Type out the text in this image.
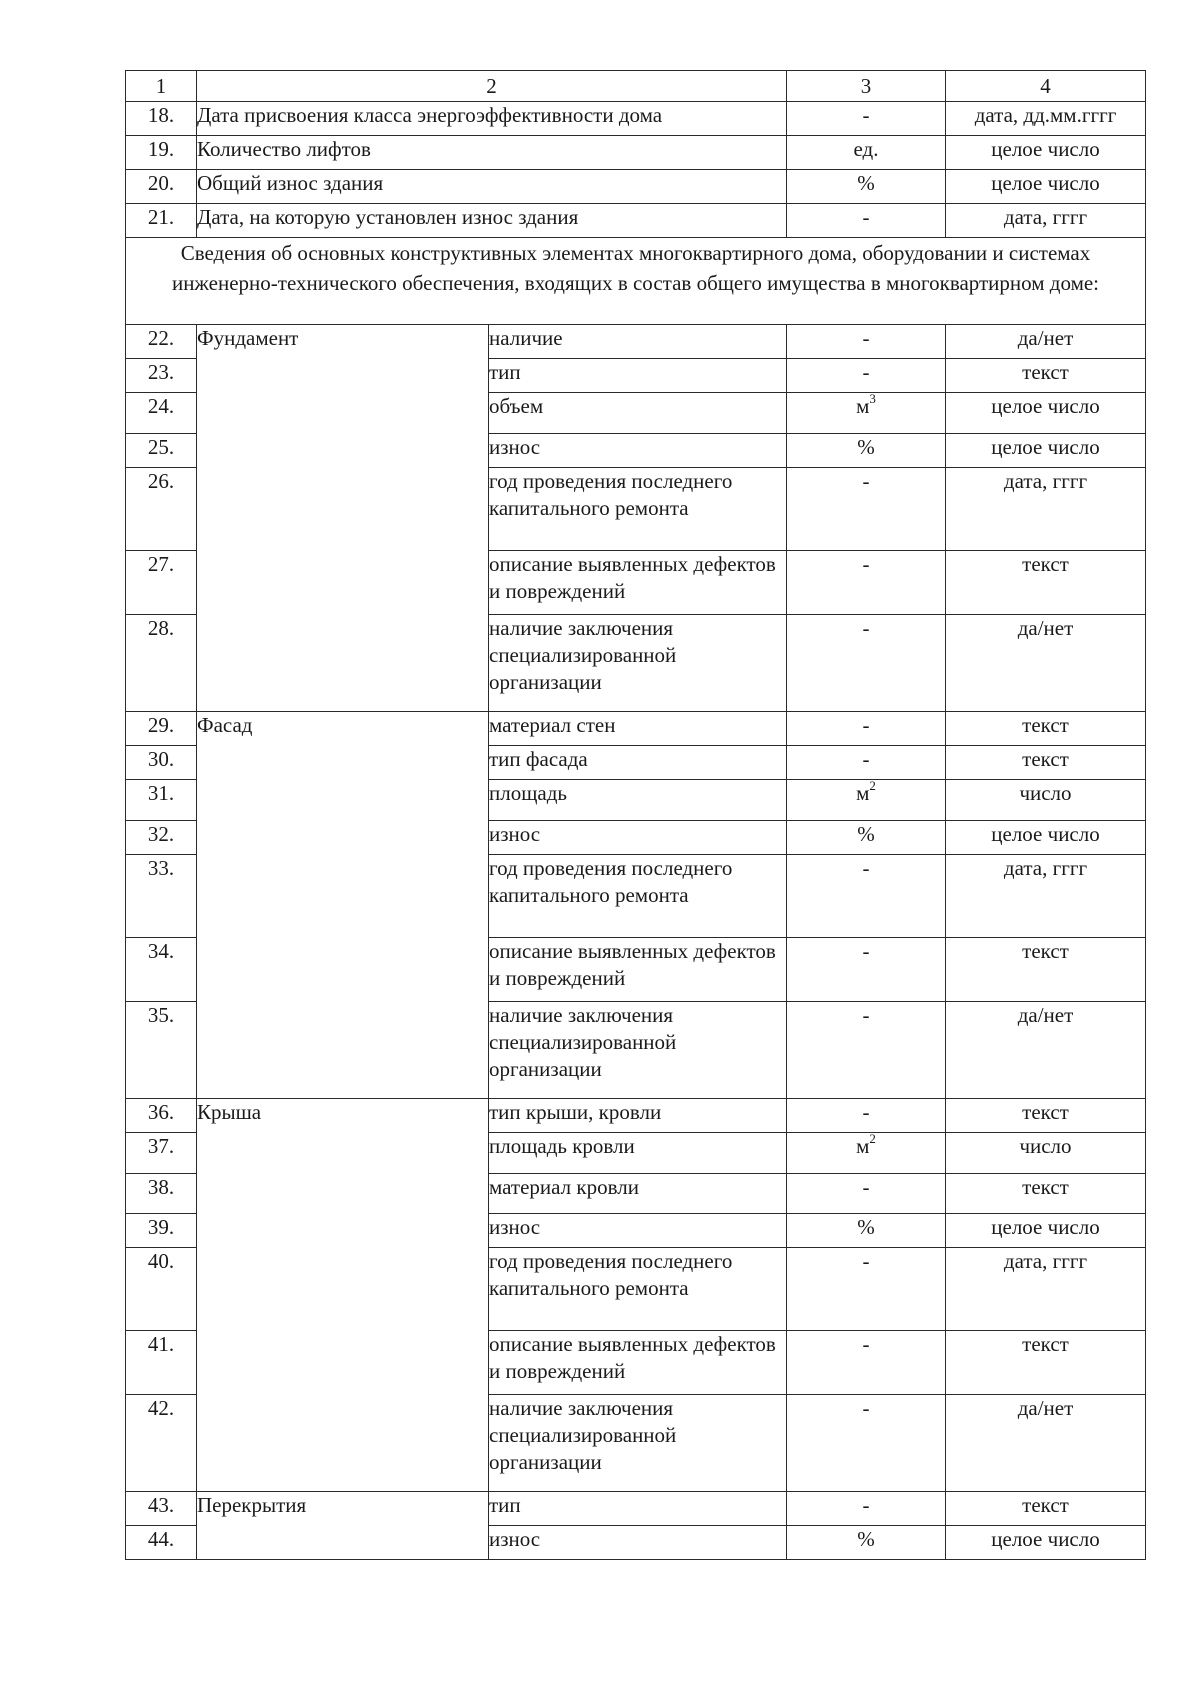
1	2		3	4
18.	Дата присвоения класса энергоэффективности дома		-	дата, дд.мм.гггг
19.	Количество лифтов		ед.	целое число
20.	Общий износ здания		%	целое число
21.	Дата, на которую установлен износ здания		-	дата, гггг
Сведения об основных конструктивных элементах многоквартирного дома, оборудовании и системах инженерно-технического обеспечения, входящих в состав общего имущества в многоквартирном доме:				
22.	Фундамент	наличие	-	да/нет
23.		тип	-	текст
24.		объем	$м^3$	целое число
25.		износ	%	целое число
26.		год проведения последнего капитального ремонта	-	дата, гггг
27.		описание выявленных дефектов и повреждений	-	текст
28.		наличие заключения специализированной организации	-	да/нет
29.	Фасад	материал стен	-	текст
30.		тип фасада	-	текст
31.		площадь	$м^2$	число
32.		износ	%	целое число
33.		год проведения последнего капитального ремонта	-	дата, гггг
34.		описание выявленных дефектов и повреждений	-	текст
35.		наличие заключения специализированной организации	-	да/нет
36.	Крыша	тип крыши, кровли	-	текст
37.		площадь кровли	$м^2$	число
38.		материал кровли	-	текст
39.		износ	%	целое число
40.		год проведения последнего капитального ремонта	-	дата, гггг
41.		описание выявленных дефектов и повреждений	-	текст
42.		наличие заключения специализированной организации	-	да/нет
43.	Перекрытия	тип	-	текст
44.		износ	%	целое число
